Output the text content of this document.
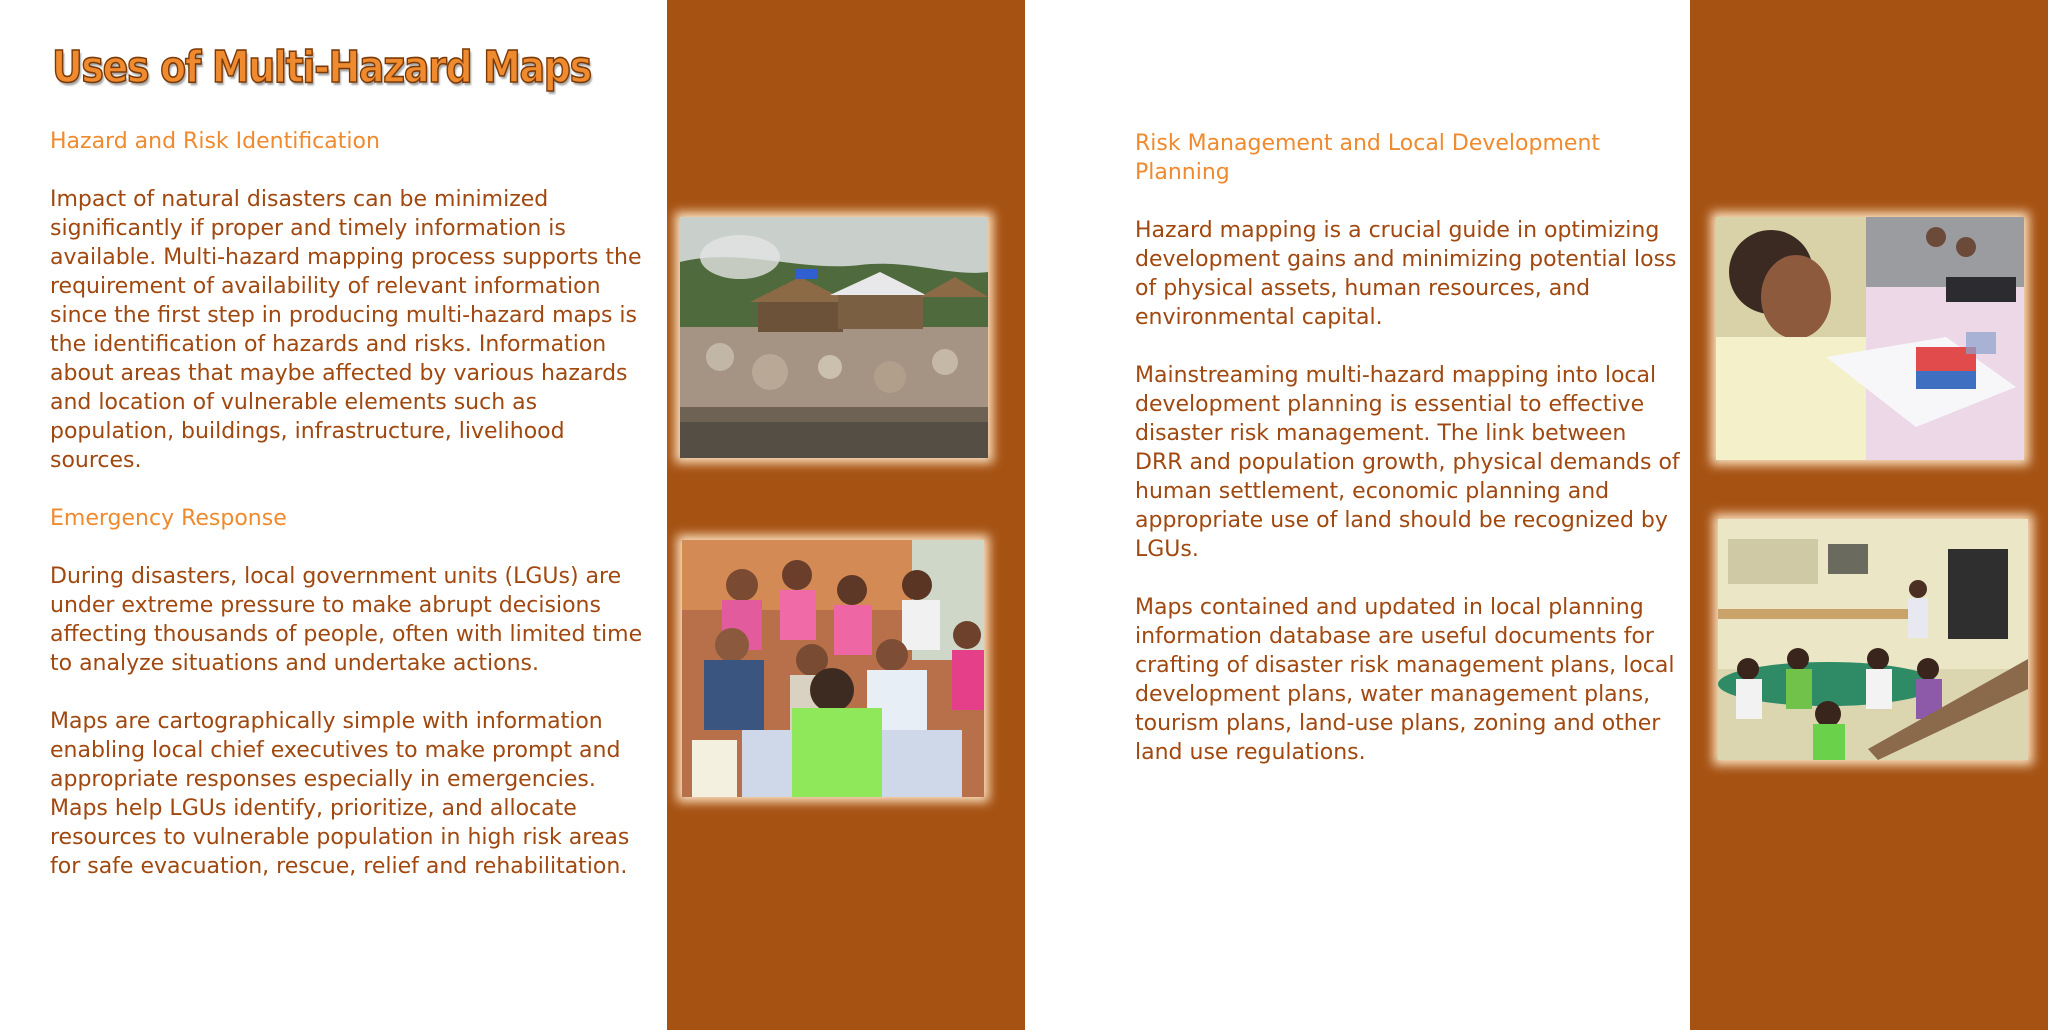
Uses of Multi-Hazard Maps

Hazard and Risk Identification

Impact of natural disasters can be minimized significantly if proper and timely information is available. Multi-hazard mapping process supports the requirement of availability of relevant information since the first step in producing multi-hazard maps is the identification of hazards and risks. Information about areas that maybe affected by various hazards and location of vulnerable elements such as population, buildings, infrastructure, livelihood sources.

Emergency Response

During disasters, local government units (LGUs) are under extreme pressure to make abrupt decisions affecting thousands of people, often with limited time to analyze situations and undertake actions.

Maps are cartographically simple with information enabling local chief executives to make prompt and appropriate responses especially in emergencies. Maps help LGUs identify, prioritize, and allocate resources to vulnerable population in high risk areas for safe evacuation, rescue, relief and rehabilitation.

Risk Management and Local Development Planning

Hazard mapping is a crucial guide in optimizing development gains and minimizing potential loss of physical assets, human resources, and environmental capital.

Mainstreaming multi-hazard mapping into local development planning is essential to effective disaster risk management. The link between DRR and population growth, physical demands of human settlement, economic planning and appropriate use of land should be recognized by LGUs.

Maps contained and updated in local planning information database are useful documents for crafting of disaster risk management plans, local development plans, water management plans, tourism plans, land-use plans, zoning and other land use regulations.
